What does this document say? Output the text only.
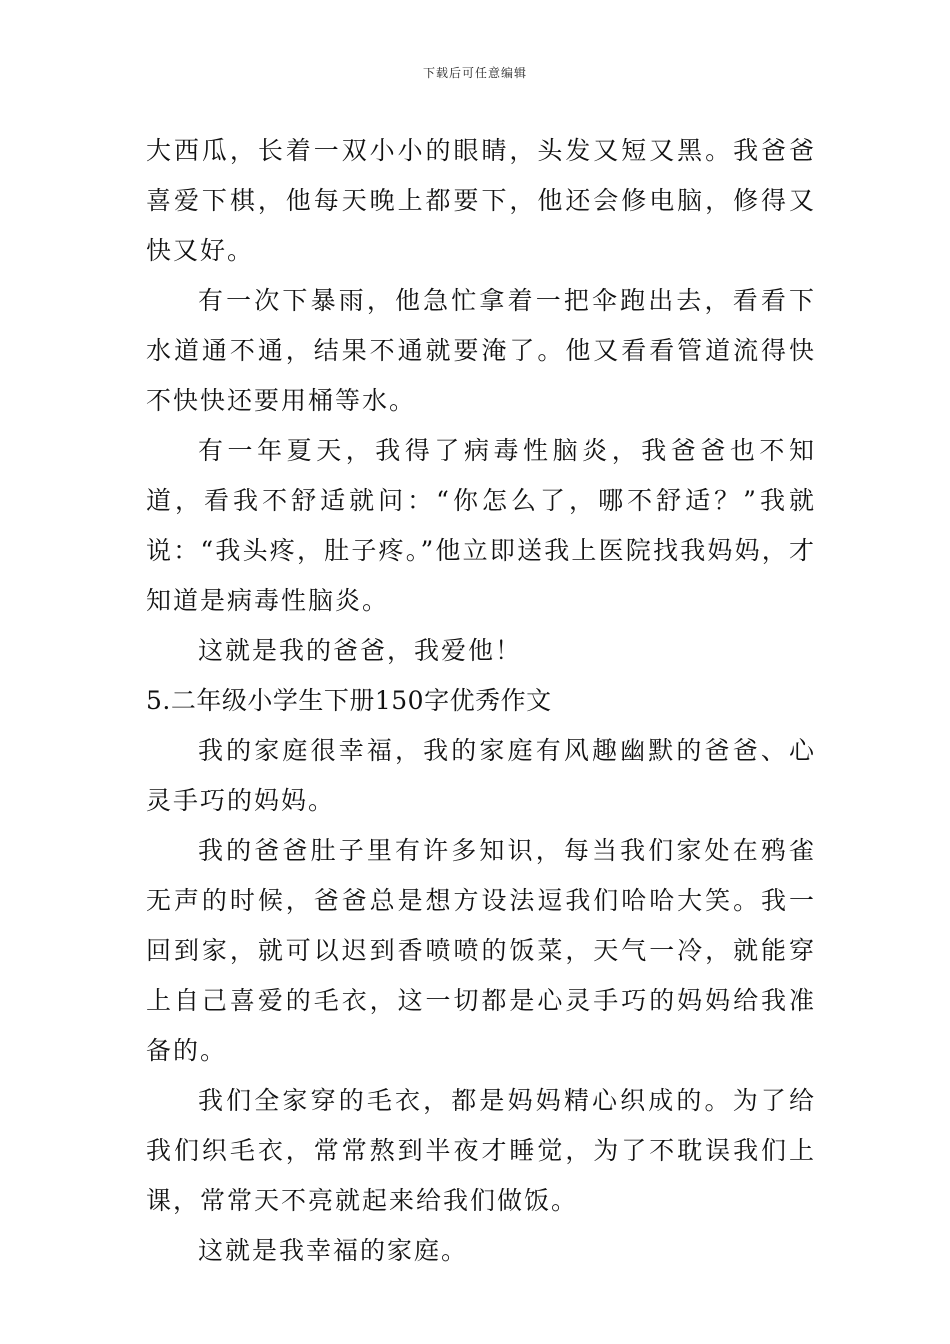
下载后可任意编辑

大西瓜，长着一双小小的眼睛，头发又短又黑。我爸爸喜爱下棋，他每天晚上都要下，他还会修电脑，修得又快又好。

有一次下暴雨，他急忙拿着一把伞跑出去，看看下水道通不通，结果不通就要淹了。他又看看管道流得快不快快还要用桶等水。

有一年夏天，我得了病毒性脑炎，我爸爸也不知道，看我不舒适就问：“你怎么了，哪不舒适？”我就说：“我头疼，肚子疼。”他立即送我上医院找我妈妈，才知道是病毒性脑炎。

这就是我的爸爸，我爱他！

5.二年级小学生下册150字优秀作文

我的家庭很幸福，我的家庭有风趣幽默的爸爸、心灵手巧的妈妈。

我的爸爸肚子里有许多知识，每当我们家处在鸦雀无声的时候，爸爸总是想方设法逗我们哈哈大笑。我一回到家，就可以迟到香喷喷的饭菜，天气一冷，就能穿上自己喜爱的毛衣，这一切都是心灵手巧的妈妈给我准备的。

我们全家穿的毛衣，都是妈妈精心织成的。为了给我们织毛衣，常常熬到半夜才睡觉，为了不耽误我们上课，常常天不亮就起来给我们做饭。

这就是我幸福的家庭。
